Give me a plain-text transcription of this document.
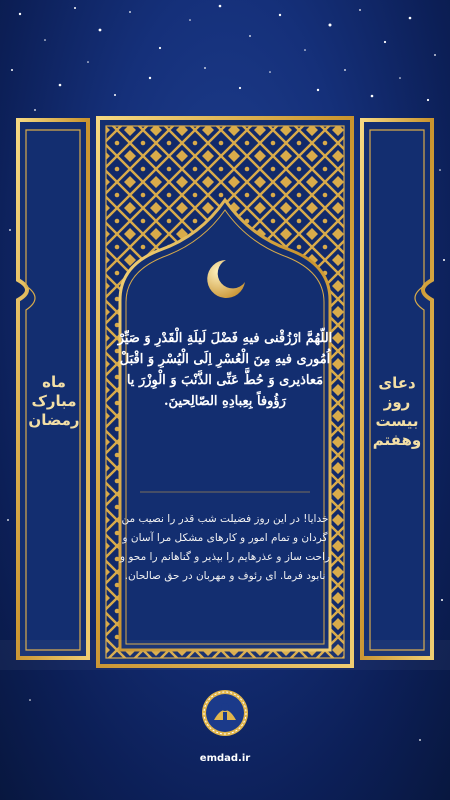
ماه
مبارک
رمضان
دعای
روز
بیست
وهفتم

اللّهُمَّ ارْزُقْنی فیهِ فَضْلَ لَیلَةِ الْقَدْرِ وَ صَیِّرْ اُمُوری فیهِ مِنَ الْعُسْرِ اِلَی الْیُسْرِ وَ اقْبَلْ مَعاذیری وَ حُطَّ عَنِّی الذَّنْبَ وَ الْوِزْرَ یا رَؤُوفاً بِعِبادِهِ الصّالِحینَ.

خدایا! در این روز فضیلت شب قدر را نصیب من گردان و تمام امور و کارهای مشکل مرا آسان و راحت ساز و عذرهایم را بپذیر و گناهانم را محو و نابود فرما. ای رئوف و مهربان در حق صالحان.

emdad.ir
